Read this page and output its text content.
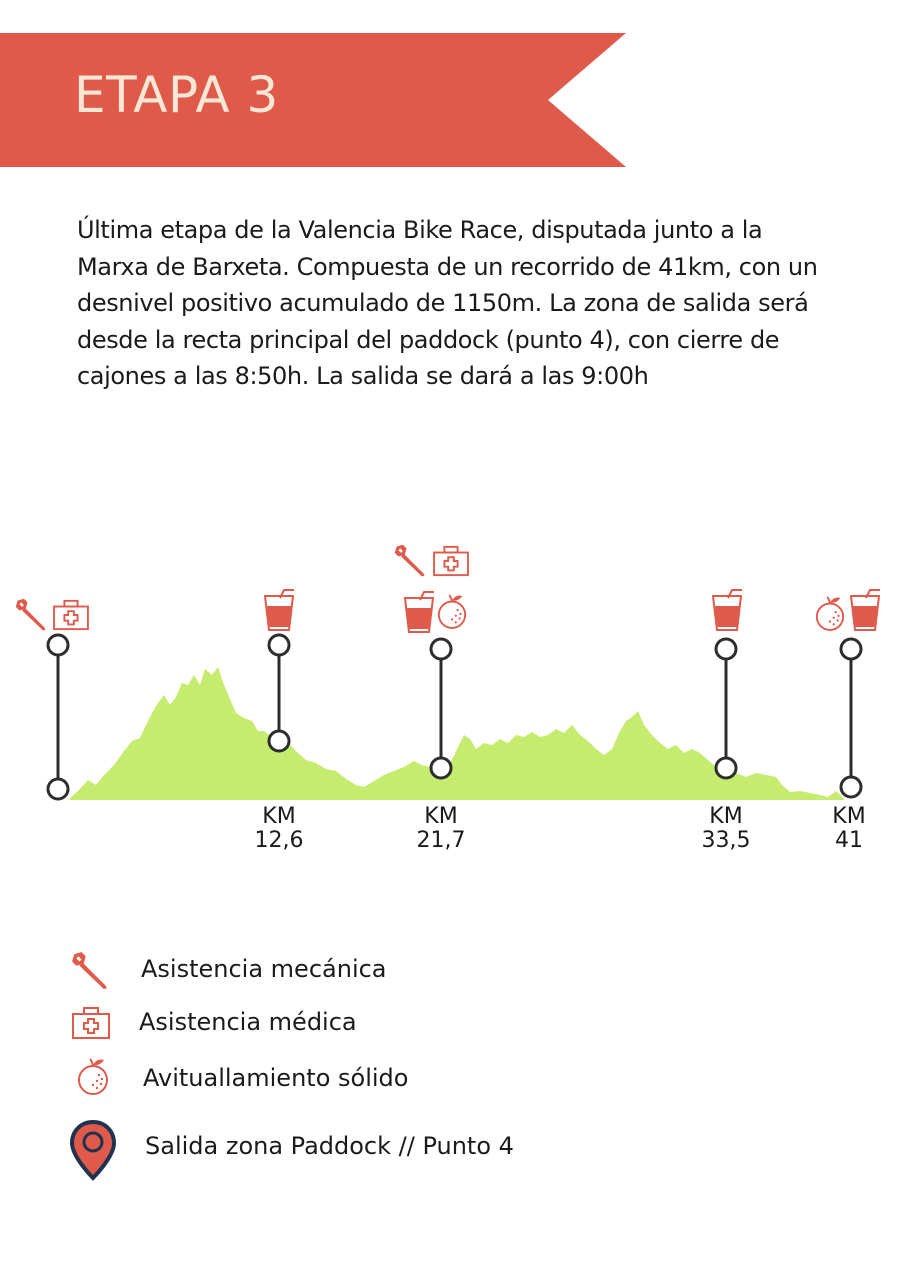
ETAPA 3

Última etapa de la Valencia Bike Race, disputada junto a la Marxa de Barxeta. Compuesta de un recorrido de 41km, con un desnivel positivo acumulado de 1150m. La zona de salida será desde la recta principal del paddock (punto 4), con cierre de cajones a las 8:50h. La salida se dará a las 9:00h

KM
12,6
KM
21,7
KM
33,5
KM
41
Asistencia mecánica
Asistencia médica
Avituallamiento sólido
Salida zona Paddock // Punto 4
